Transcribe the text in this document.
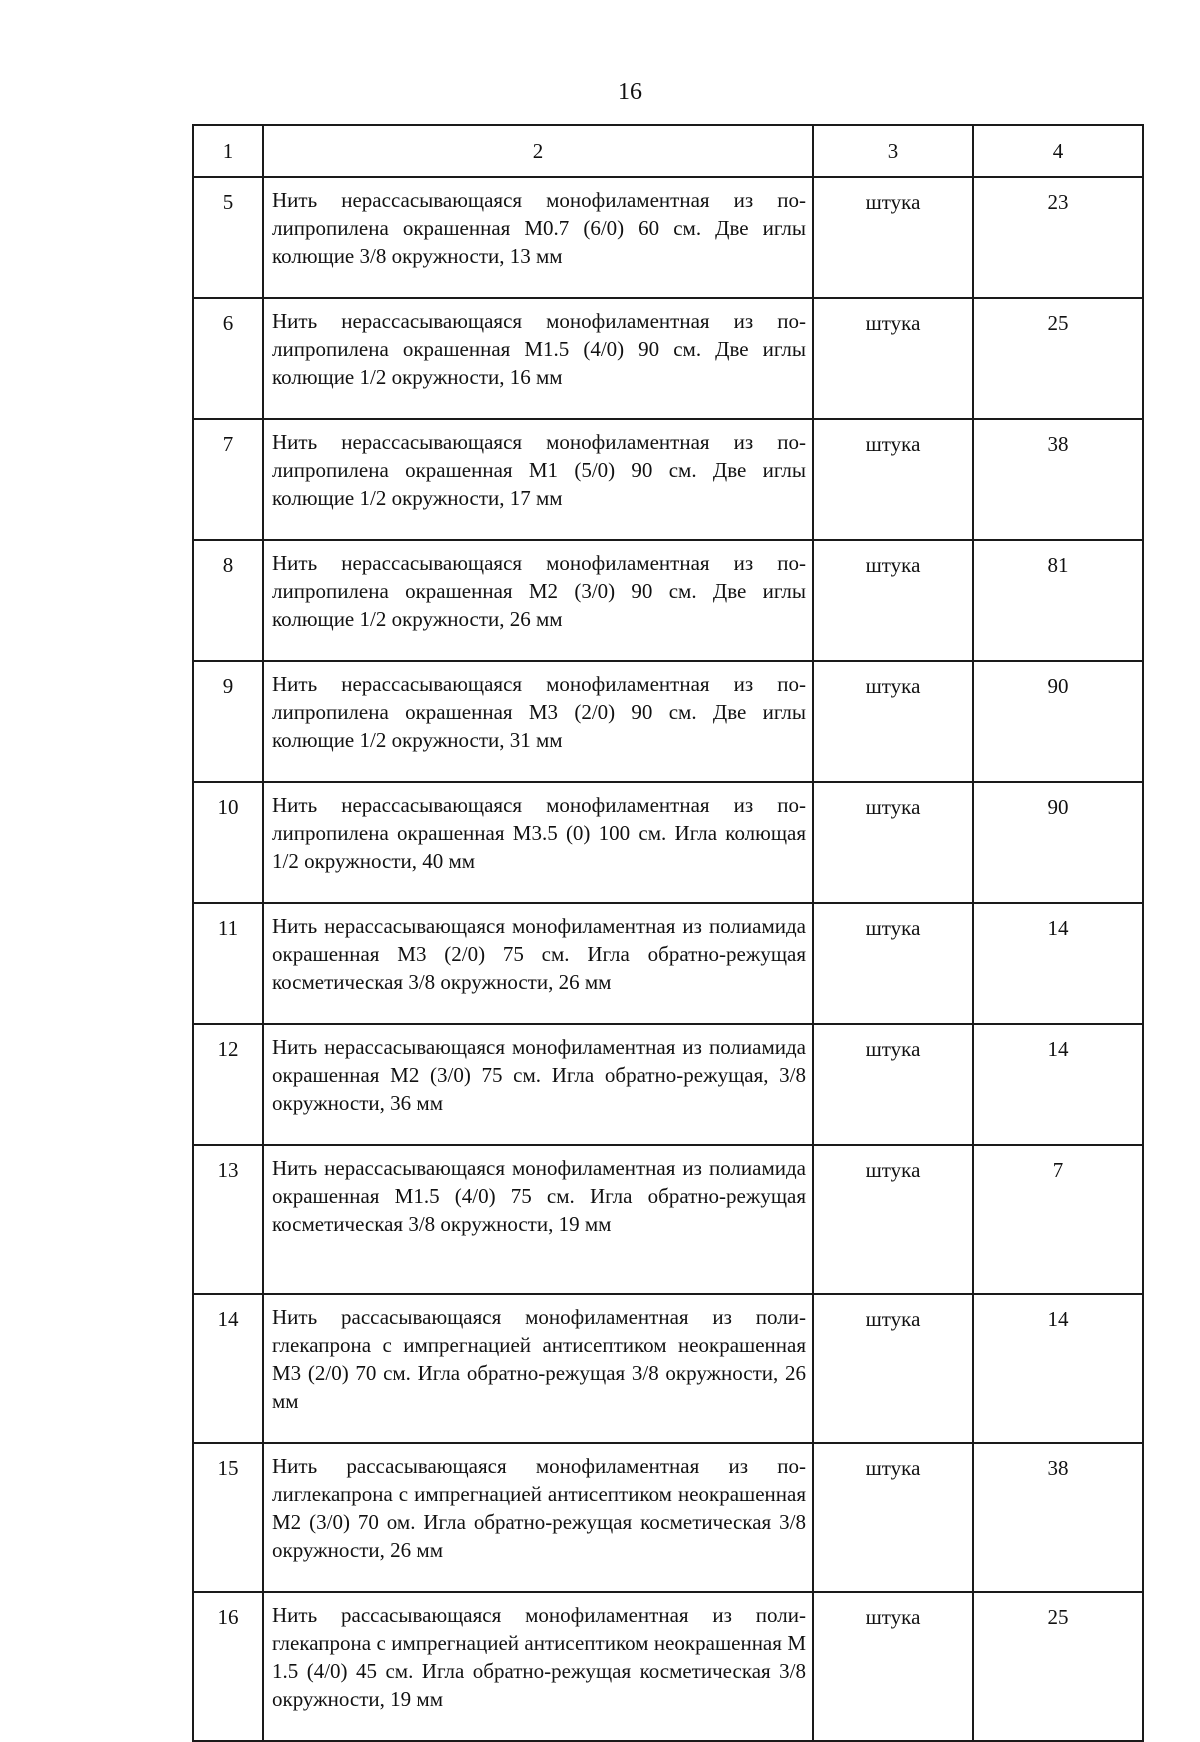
16
1	2	3	4
5	Нить нерассасывающаяся монофиламентная из полипропилена окрашенная М0.7 (6/0) 60 см. Две иглы колющие 3/8 окружности, 13 мм	штука	23
6	Нить нерассасывающаяся монофиламентная из полипропилена окрашенная М1.5 (4/0) 90 см. Две иглы колющие 1/2 окружности, 16 мм	штука	25
7	Нить нерассасывающаяся монофиламентная из полипропилена окрашенная М1 (5/0) 90 см. Две иглы колющие 1/2 окружности, 17 мм	штука	38
8	Нить нерассасывающаяся монофиламентная из полипропилена окрашенная М2 (3/0) 90 см. Две иглы колющие 1/2 окружности, 26 мм	штука	81
9	Нить нерассасывающаяся монофиламентная из полипропилена окрашенная М3 (2/0) 90 см. Две иглы колющие 1/2 окружности, 31 мм	штука	90
10	Нить нерассасывающаяся монофиламентная из полипропилена окрашенная М3.5 (0) 100 см. Игла колющая 1/2 окружности, 40 мм	штука	90
11	Нить нерассасывающаяся монофиламентная из полиамида окрашенная М3 (2/0) 75 см. Игла обратно-режущая косметическая 3/8 окружности, 26 мм	штука	14
12	Нить нерассасывающаяся монофиламентная из полиамида окрашенная М2 (3/0) 75 см. Игла обратно-режущая, 3/8 окружности, 36 мм	штука	14
13	Нить нерассасывающаяся монофиламентная из полиамида окрашенная М1.5 (4/0) 75 см. Игла обратно-режущая косметическая 3/8 окружности, 19 мм	штука	7
14	Нить рассасывающаяся монофиламентная из полиглекапрона с импрегнацией антисептиком неокрашенная М3 (2/0) 70 см. Игла обратно-режущая 3/8 окружности, 26 мм	штука	14
15	Нить рассасывающаяся монофиламентная из полиглекапрона с импрегнацией антисептиком неокрашенная М2 (3/0) 70 ом. Игла обратно-режущая косметическая 3/8 окружности, 26 мм	штука	38
16	Нить рассасывающаяся монофиламентная из полиглекапрона с импрегнацией антисептиком неокрашенная М 1.5 (4/0) 45 см. Игла обратно-режущая косметическая 3/8 окружности, 19 мм	штука	25
